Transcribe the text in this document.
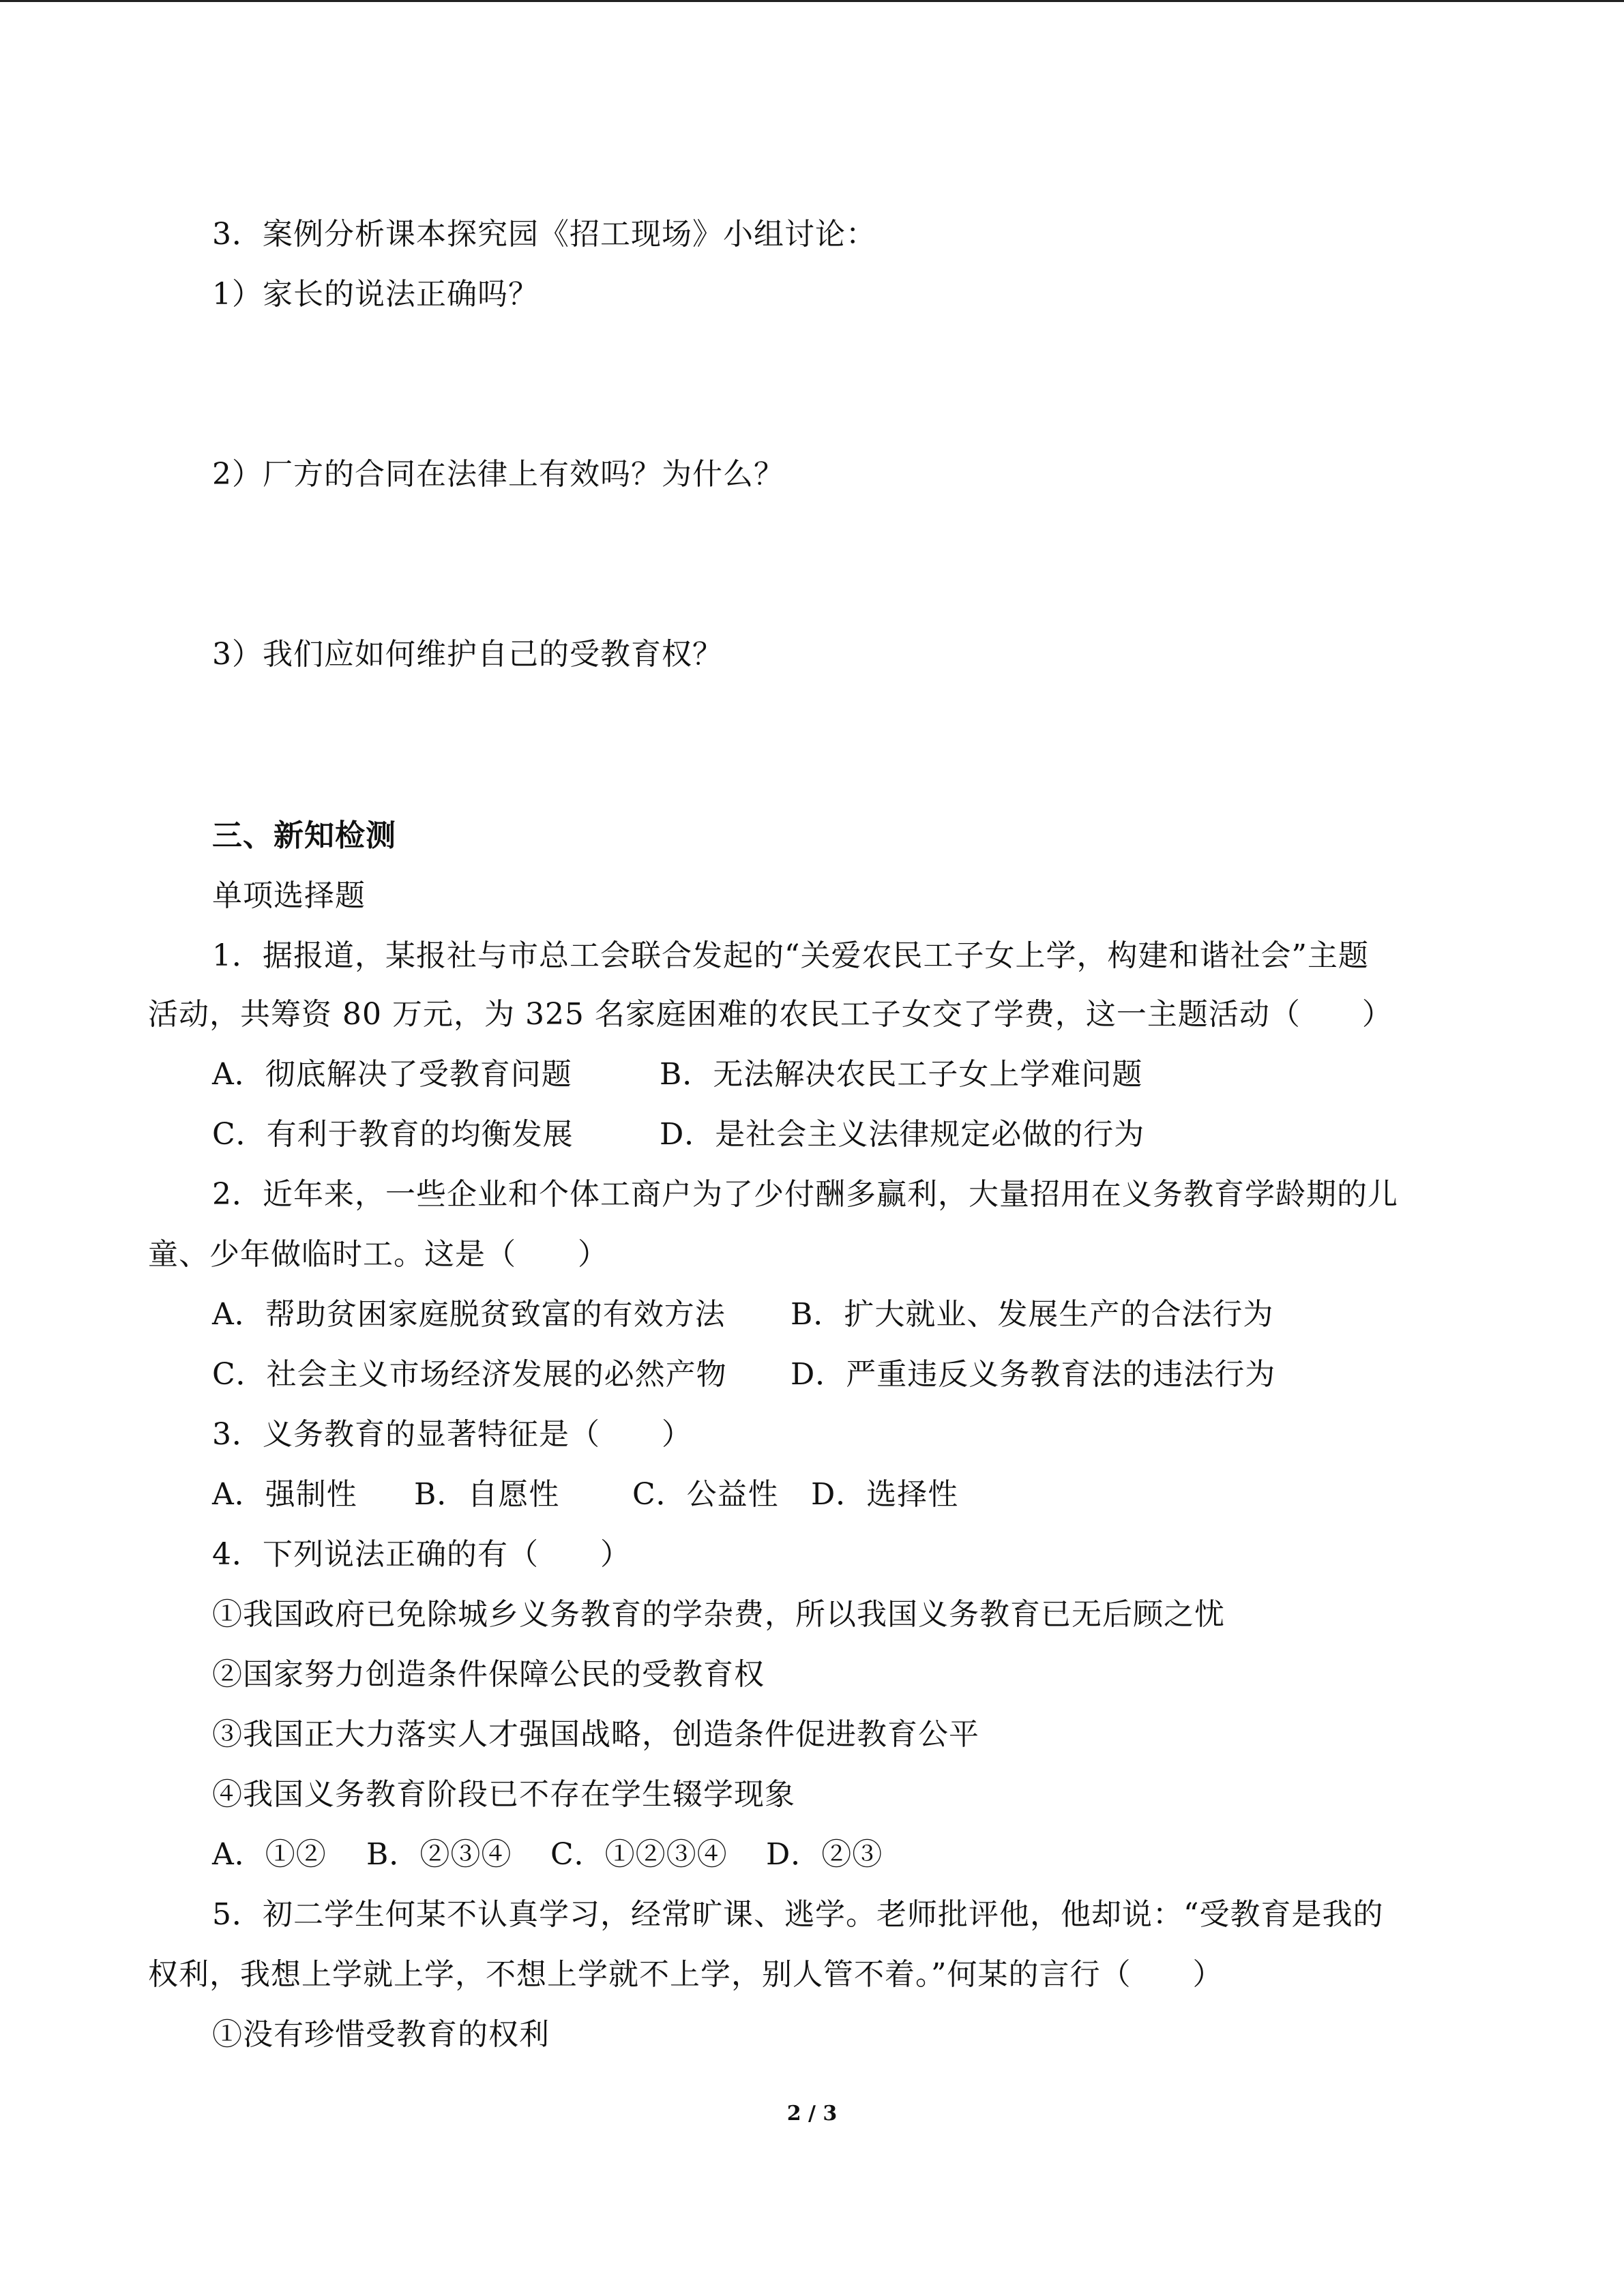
3．案例分析课本探究园《招工现场》小组讨论：
1）家长的说法正确吗？
2）厂方的合同在法律上有效吗？为什么？
3）我们应如何维护自己的受教育权？
三、新知检测
单项选择题
1．据报道，某报社与市总工会联合发起的“关爱农民工子女上学，构建和谐社会”主题
活动，共筹资 80 万元，为 325 名家庭困难的农民工子女交了学费，这一主题活动（　　）
A．彻底解决了受教育问题	B．无法解决农民工子女上学难问题
C．有利于教育的均衡发展	D．是社会主义法律规定必做的行为
2．近年来，一些企业和个体工商户为了少付酬多赢利，大量招用在义务教育学龄期的儿
童、少年做临时工。这是（　　）
A．帮助贫困家庭脱贫致富的有效方法 B．扩大就业、发展生产的合法行为
C．社会主义市场经济发展的必然产物 D．严重违反义务教育法的违法行为
3．义务教育的显著特征是（　　）
A．强制性 B．自愿性 C．公益性 D．选择性
4．下列说法正确的有（　　）
①我国政府已免除城乡义务教育的学杂费，所以我国义务教育已无后顾之忧
②国家努力创造条件保障公民的受教育权
③我国正大力落实人才强国战略，创造条件促进教育公平
④我国义务教育阶段已不存在学生辍学现象
A．①② B．②③④ C．①②③④ D．②③
5．初二学生何某不认真学习，经常旷课、逃学。老师批评他，他却说：“受教育是我的
权利，我想上学就上学，不想上学就不上学，别人管不着。”何某的言行（　　）
①没有珍惜受教育的权利
2 / 3
